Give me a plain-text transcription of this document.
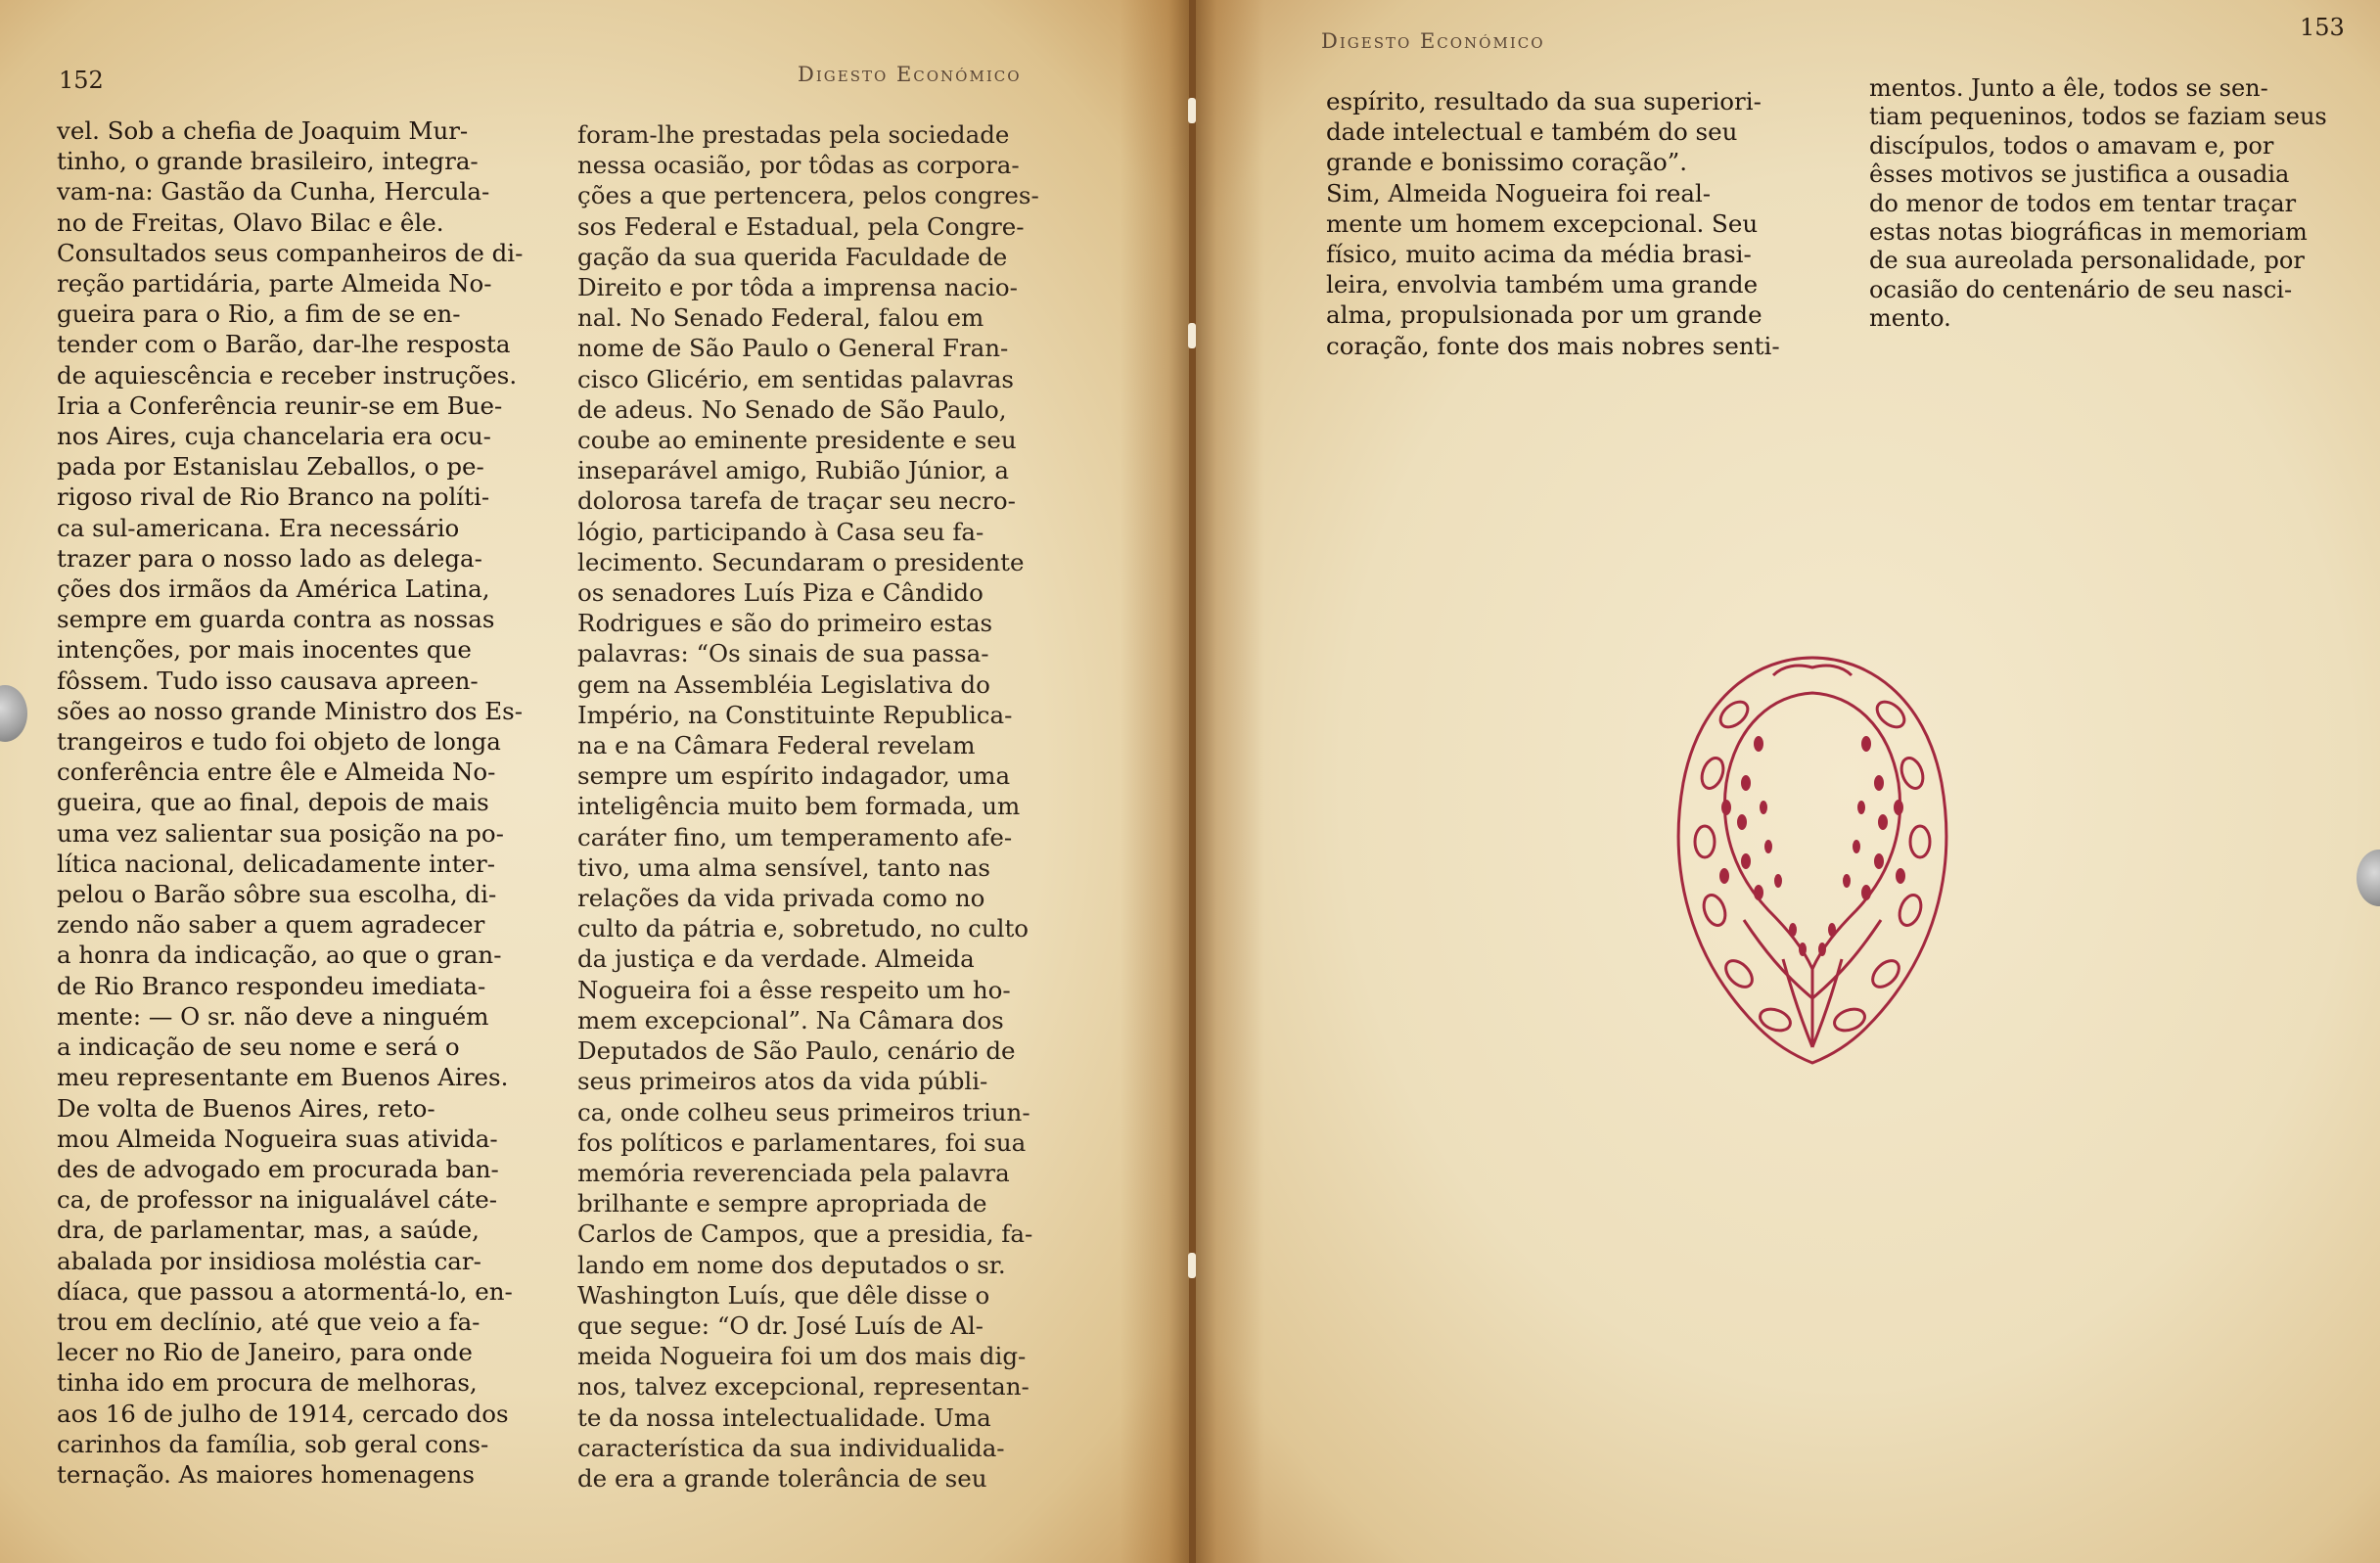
152	Digesto Económico

vel. Sob a chefia de Joaquim Mur-

tinho, o grande brasileiro, integra-

vam-na: Gastão da Cunha, Hercula-

no de Freitas, Olavo Bilac e êle.

Consultados seus companheiros de di-

reção partidária, parte Almeida No-

gueira para o Rio, a fim de se en-

tender com o Barão, dar-lhe resposta

de aquiescência e receber instruções.

Iria a Conferência reunir-se em Bue-

nos Aires, cuja chancelaria era ocu-

pada por Estanislau Zeballos, o pe-

rigoso rival de Rio Branco na políti-

ca sul-americana. Era necessário

trazer para o nosso lado as delega-

ções dos irmãos da América Latina,

sempre em guarda contra as nossas

intenções, por mais inocentes que

fôssem. Tudo isso causava apreen-

sões ao nosso grande Ministro dos Es-

trangeiros e tudo foi objeto de longa

conferência entre êle e Almeida No-

gueira, que ao final, depois de mais

uma vez salientar sua posição na po-

lítica nacional, delicadamente inter-

pelou o Barão sôbre sua escolha, di-

zendo não saber a quem agradecer

a honra da indicação, ao que o gran-

de Rio Branco respondeu imediata-

mente: — O sr. não deve a ninguém

a indicação de seu nome e será o

meu representante em Buenos Aires.

De volta de Buenos Aires, reto-

mou Almeida Nogueira suas ativida-

des de advogado em procurada ban-

ca, de professor na inigualável cáte-

dra, de parlamentar, mas, a saúde,

abalada por insidiosa moléstia car-

díaca, que passou a atormentá-lo, en-

trou em declínio, até que veio a fa-

lecer no Rio de Janeiro, para onde

tinha ido em procura de melhoras,

aos 16 de julho de 1914, cercado dos

carinhos da família, sob geral cons-

ternação. As maiores homenagens

foram-lhe prestadas pela sociedade

nessa ocasião, por tôdas as corpora-

ções a que pertencera, pelos congres-

sos Federal e Estadual, pela Congre-

gação da sua querida Faculdade de

Direito e por tôda a imprensa nacio-

nal. No Senado Federal, falou em

nome de São Paulo o General Fran-

cisco Glicério, em sentidas palavras

de adeus. No Senado de São Paulo,

coube ao eminente presidente e seu

inseparável amigo, Rubião Júnior, a

dolorosa tarefa de traçar seu necro-

lógio, participando à Casa seu fa-

lecimento. Secundaram o presidente

os senadores Luís Piza e Cândido

Rodrigues e são do primeiro estas

palavras: “Os sinais de sua passa-

gem na Assembléia Legislativa do

Império, na Constituinte Republica-

na e na Câmara Federal revelam

sempre um espírito indagador, uma

inteligência muito bem formada, um

caráter fino, um temperamento afe-

tivo, uma alma sensível, tanto nas

relações da vida privada como no

culto da pátria e, sobretudo, no culto

da justiça e da verdade. Almeida

Nogueira foi a êsse respeito um ho-

mem excepcional”. Na Câmara dos

Deputados de São Paulo, cenário de

seus primeiros atos da vida públi-

ca, onde colheu seus primeiros triun-

fos políticos e parlamentares, foi sua

memória reverenciada pela palavra

brilhante e sempre apropriada de

Carlos de Campos, que a presidia, fa-

lando em nome dos deputados o sr.

Washington Luís, que dêle disse o

que segue: “O dr. José Luís de Al-

meida Nogueira foi um dos mais dig-

nos, talvez excepcional, representan-

te da nossa intelectualidade. Uma

característica da sua individualida-

de era a grande tolerância de seu

Digesto Económico	153

espírito, resultado da sua superiori-

dade intelectual e também do seu

grande e bonissimo coração”.

Sim, Almeida Nogueira foi real-

mente um homem excepcional. Seu

físico, muito acima da média brasi-

leira, envolvia também uma grande

alma, propulsionada por um grande

coração, fonte dos mais nobres senti-

mentos. Junto a êle, todos se sen-

tiam pequeninos, todos se faziam seus

discípulos, todos o amavam e, por

êsses motivos se justifica a ousadia

do menor de todos em tentar traçar

estas notas biográficas in memoriam

de sua aureolada personalidade, por

ocasião do centenário de seu nasci-

mento.
